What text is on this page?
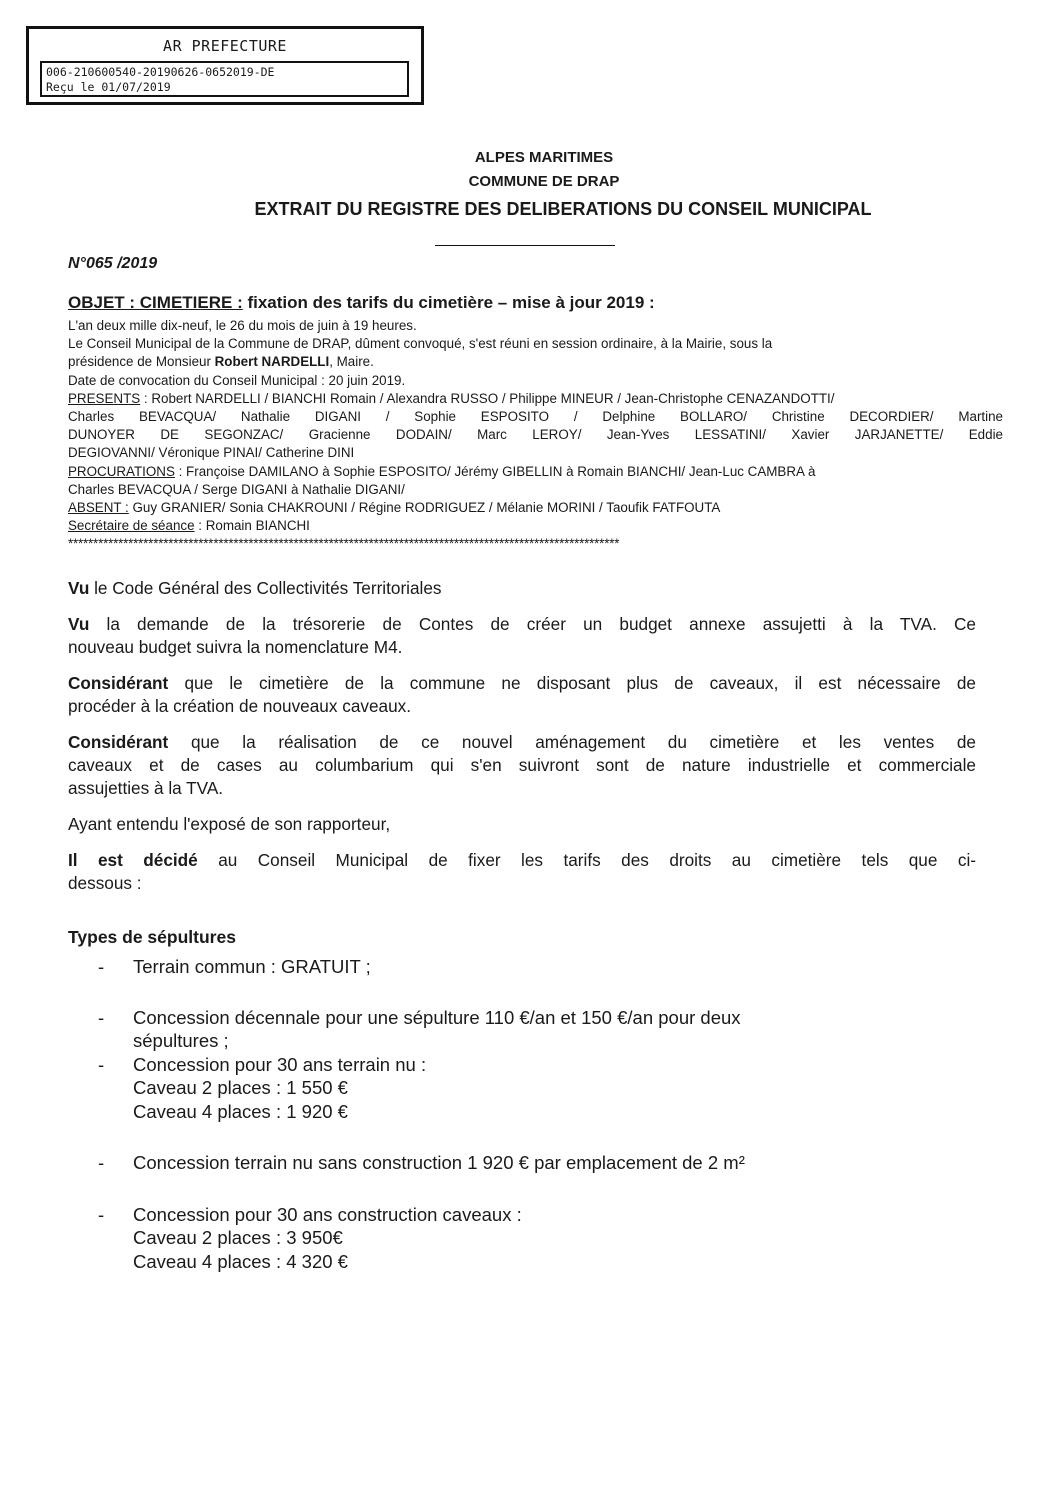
AR PREFECTURE
006-210600540-20190626-0652019-DE
Reçu le 01/07/2019
ALPES MARITIMES
COMMUNE DE DRAP
EXTRAIT DU REGISTRE DES DELIBERATIONS DU CONSEIL MUNICIPAL
N°065 /2019
OBJET : CIMETIERE : fixation des tarifs du cimetière – mise à jour 2019 :
L'an deux mille dix-neuf, le 26 du mois de juin à 19 heures.
Le Conseil Municipal de la Commune de DRAP, dûment convoqué, s'est réuni en session ordinaire, à la Mairie, sous la
présidence de Monsieur Robert NARDELLI, Maire.
Date de convocation du Conseil Municipal : 20 juin 2019.
PRESENTS : Robert NARDELLI / BIANCHI Romain / Alexandra RUSSO / Philippe MINEUR / Jean-Christophe CENAZANDOTTI/
Charles BEVACQUA/ Nathalie DIGANI / Sophie ESPOSITO / Delphine BOLLARO/ Christine DECORDIER/ Martine
DUNOYER DE SEGONZAC/ Gracienne DODAIN/ Marc LEROY/ Jean-Yves LESSATINI/ Xavier JARJANETTE/ Eddie
DEGIOVANNI/ Véronique PINAI/ Catherine DINI
PROCURATIONS : Françoise DAMILANO à Sophie ESPOSITO/ Jérémy GIBELLIN à Romain BIANCHI/ Jean-Luc CAMBRA à
Charles BEVACQUA / Serge DIGANI à Nathalie DIGANI/
ABSENT : Guy GRANIER/ Sonia CHAKROUNI / Régine RODRIGUEZ / Mélanie MORINI / Taoufik FATFOUTA
Secrétaire de séance : Romain BIANCHI
**************************************************************************************************************

Vu le Code Général des Collectivités Territoriales

Vu la demande de la trésorerie de Contes de créer un budget annexe assujetti à la TVA. Ce
nouveau budget suivra la nomenclature M4.

Considérant que le cimetière de la commune ne disposant plus de caveaux, il est nécessaire de
procéder à la création de nouveaux caveaux.

Considérant que la réalisation de ce nouvel aménagement du cimetière et les ventes de
caveaux et de cases au columbarium qui s'en suivront sont de nature industrielle et commerciale
assujetties à la TVA.

Ayant entendu l'exposé de son rapporteur,

Il est décidé au Conseil Municipal de fixer les tarifs des droits au cimetière tels que ci-
dessous :

Types de sépultures
- Terrain commun : GRATUIT ;
- Concession décennale pour une sépulture 110 €/an et 150 €/an pour deux
sépultures ;
- Concession pour 30 ans terrain nu :
Caveau 2 places : 1 550 €
Caveau 4 places : 1 920 €
- Concession terrain nu sans construction 1 920 € par emplacement de 2 m²
- Concession pour 30 ans construction caveaux :
Caveau 2 places : 3 950€
Caveau 4 places : 4 320 €
